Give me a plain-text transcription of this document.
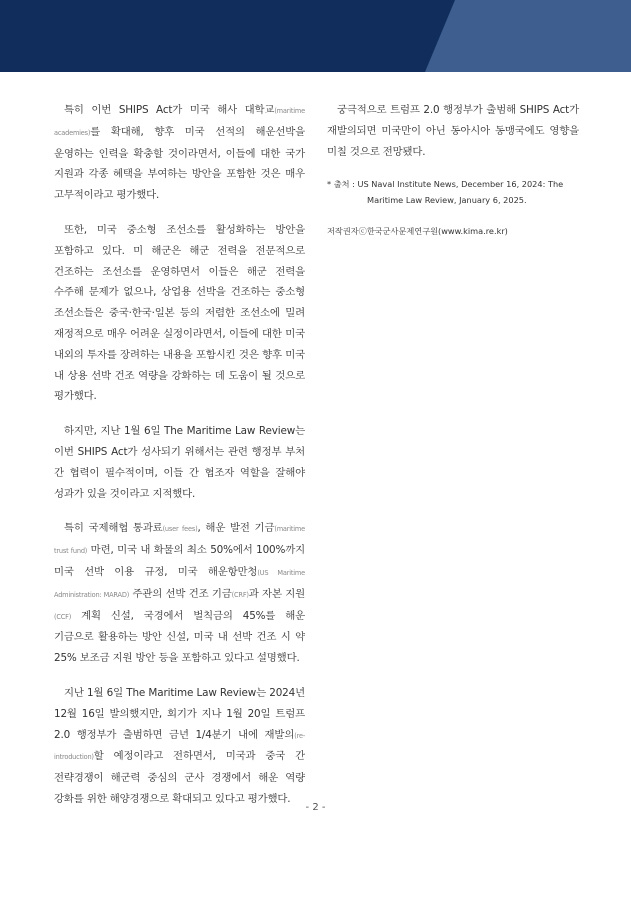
특히 이번 SHIPS Act가 미국 해사 대학교(maritime academies)를 확대해, 향후 미국 선적의 해운선박을 운영하는 인력을 확충할 것이라면서, 이들에 대한 국가 지원과 각종 혜택을 부여하는 방안을 포함한 것은 매우 고무적이라고 평가했다.

또한, 미국 중소형 조선소를 활성화하는 방안을 포함하고 있다. 미 해군은 해군 전력을 전문적으로 건조하는 조선소를 운영하면서 이들은 해군 전력을 수주해 문제가 없으나, 상업용 선박을 건조하는 중소형 조선소들은 중국·한국·일본 등의 저렴한 조선소에 밀려 재정적으로 매우 어려운 실정이라면서, 이들에 대한 미국 내외의 투자를 장려하는 내용을 포함시킨 것은 향후 미국 내 상용 선박 건조 역량을 강화하는 데 도움이 될 것으로 평가했다.

하지만, 지난 1월 6일 The Maritime Law Review는 이번 SHIPS Act가 성사되기 위해서는 관련 행정부 부처 간 협력이 필수적이며, 이들 간 협조자 역할을 잘해야 성과가 있을 것이라고 지적했다.

특히 국제해협 통과료(user fees), 해운 발전 기금(maritime trust fund) 마련, 미국 내 화물의 최소 50%에서 100%까지 미국 선박 이용 규정, 미국 해운항만청(US Maritime Administration: MARAD) 주관의 선박 건조 기금(CRF)과 자본 지원(CCF) 계획 신설, 국경에서 벌칙금의 45%를 해운 기금으로 활용하는 방안 신설, 미국 내 선박 건조 시 약 25% 보조금 지원 방안 등을 포함하고 있다고 설명했다.

지난 1월 6일 The Maritime Law Review는 2024년 12월 16일 발의했지만, 회기가 지나 1월 20일 트럼프 2.0 행정부가 출범하면 금년 1/4분기 내에 재발의(re-introduction)할 예정이라고 전하면서, 미국과 중국 간 전략경쟁이 해군력 중심의 군사 경쟁에서 해운 역량 강화를 위한 해양경쟁으로 확대되고 있다고 평가했다.

궁극적으로 트럼프 2.0 행정부가 출범해 SHIPS Act가 재발의되면 미국만이 아닌 동아시아 동맹국에도 영향을 미칠 것으로 전망됐다.

* 출처 : US Naval Institute News, December 16, 2024: The Maritime Law Review, January 6, 2025.

저작권자ⓒ한국군사문제연구원(www.kima.re.kr)

- 2 -
